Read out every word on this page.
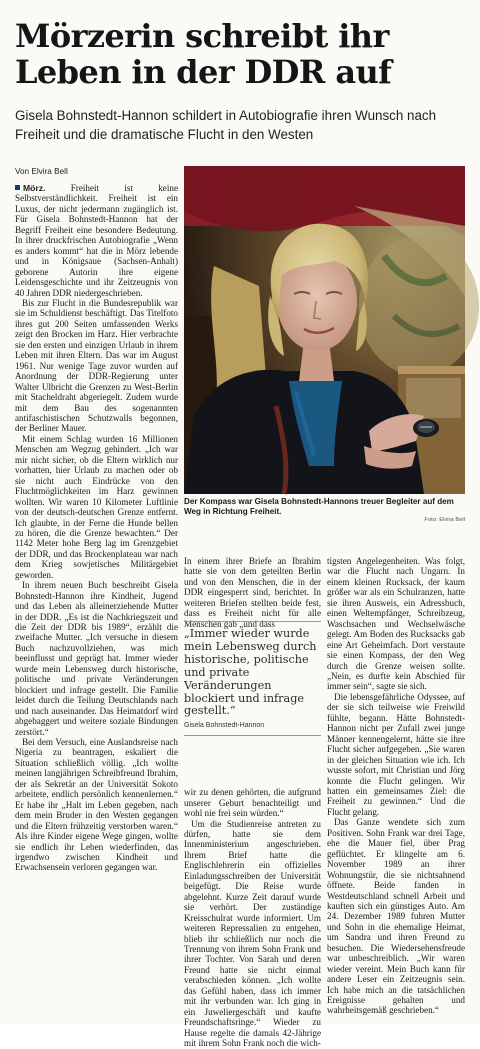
Mörzerin schreibt ihr Leben in der DDR auf

Gisela Bohnstedt-Hannon schildert in Autobiografie ihren Wunsch nach Freiheit und die dramatische Flucht in den Westen

Von Elvira Bell

Mörz.	Freiheit ist keine Selbstverständlichkeit. Freiheit ist ein Luxus, der nicht jedermann zugänglich ist. Für Gisela Bohnstedt-Hannon hat der Begriff Freiheit eine besondere Bedeutung. In ihrer druckfrischen Autobiografie „Wenn es anders kommt“ hat die in Mörz lebende und in Königsaue (Sachsen-Anhalt) geborene Autorin ihre eigene Leidensgeschichte und ihr Zeitzeugnis von 40 Jahren DDR niedergeschrieben.

Bis zur Flucht in die Bundesrepublik war sie im Schuldienst beschäftigt. Das Titelfoto ihres gut 200 Seiten umfassenden Werks zeigt den Brocken im Harz. Hier verbrachte sie den ersten und einzigen Urlaub in ihrem Leben mit ihren Eltern. Das war im August 1961. Nur wenige Tage zuvor wurden auf Anordnung der DDR-Regierung unter Walter Ulbricht die Grenzen zu West-Berlin mit Stacheldraht abgeriegelt. Zudem wurde mit dem Bau des sogenannten antifaschistischen Schutzwalls begonnen, der Berliner Mauer.

Mit einem Schlag wurden 16 Millionen Menschen am Wegzug gehindert. „Ich war mir nicht sicher, ob die Eltern wirklich nur vorhatten, hier Urlaub zu machen oder ob sie nicht auch Eindrücke von den Fluchtmöglichkeiten im Harz gewinnen wollten. Wir waren 10 Kilometer Luftlinie von der deutsch-deutschen Grenze entfernt. Ich glaubte, in der Ferne die Hunde bellen zu hören, die die Grenze bewachten.“ Der 1142 Meter hohe Berg lag im Grenzgebiet der DDR, und das Brockenplateau war nach dem Krieg sowjetisches Militärgebiet geworden.

In ihrem neuen Buch beschreibt Gisela Bohnstedt-Hannon ihre Kindheit, Jugend und das Leben als alleinerziehende Mutter in der DDR. „Es ist die Nachkriegszeit und die Zeit der DDR bis 1989“, erzählt die zweifache Mutter. „Ich versuche in diesem Buch nachzuvollziehen, was mich beeinflusst und geprägt hat. Immer wieder wurde mein Lebensweg durch historische, politische und private Veränderungen blockiert und infrage gestellt. Die Familie leidet durch die Teilung Deutschlands nach und nach auseinander. Das Heimatdorf wird abgebaggert und weitere soziale Bindungen zerstört.“

Bei dem Versuch, eine Auslandsreise nach Nigeria zu beantragen, eskaliert die Situation schließlich völlig. „Ich wollte meinen langjährigen Schreibfreund Ibrahim, der als Sekretär an der Universität Sokoto arbeitete, endlich persönlich kennenlernen.“ Er habe ihr „Halt im Leben gegeben, nach dem mein Bruder in den Westen gegangen und die Eltern frühzeitig verstorben waren.“ Als ihre Kinder eigene Wege gingen, wollte sie endlich ihr Leben wiederfinden, das irgendwo zwischen Kindheit und Erwachsensein verloren gegangen war.

Der Kompass war Gisela Bohnstedt-Hannons treuer Begleiter auf dem Weg in Richtung Freiheit.
Foto: Elvira Bell

In einem ihrer Briefe an Ibrahim hatte sie von dem geteilten Berlin und von den Menschen, die in der DDR eingesperrt sind, berichtet. In weiteren Briefen stellten beide fest, dass es Freiheit nicht für alle Menschen gab „und dass

wir zu denen gehörten, die aufgrund unserer Geburt benachteiligt und wohl nie frei sein würden.“

Um die Studienreise antreten zu dürfen, hatte sie dem Innenministerium angeschrieben. Ihrem Brief hatte die Englischlehrerin ein offizielles Einladungsschreiben der Universität beigefügt. Die Reise wurde abgelehnt. Kurze Zeit darauf wurde sie verhört. Der zuständige Kreisschulrat wurde informiert. Um weiteren Repressalien zu entgehen, blieb ihr schließlich nur noch die Trennung von ihrem Sohn Frank und ihrer Tochter. Von Sarah und deren Freund hatte sie nicht einmal verabschieden können. „Ich wollte das Gefühl haben, dass ich immer mit ihr verbunden war. Ich ging in ein Juweliergeschäft und kaufte Freundschaftsringe.“ Wieder zu Hause regelte die damals 42-Jährige mit ihrem Sohn Frank noch die wich-

„Immer wieder wurde mein Lebensweg durch historische, politische und private Veränderungen blockiert und infrage gestellt.“

Gisela Bohnstedt-Hannon

tigsten Angelegenheiten. Was folgt, war die Flucht nach Ungarn. In einem kleinen Rucksack, der kaum größer war als ein Schulranzen, hatte sie ihren Ausweis, ein Adressbuch, einen Weltempfänger, Schreibzeug, Waschsachen und Wechselwäsche gelegt. Am Boden des Rucksacks gab eine Art Geheimfach. Dort verstaute sie einen Kompass, der den Weg durch die Grenze weisen sollte. „Nein, es durfte kein Abschied für immer sein“, sagte sie sich.

Die lebensgefährliche Odyssee, auf der sie sich teilweise wie Freiwild fühlte, begann. Hätte Bohnstedt-Hannon nicht per Zufall zwei junge Männer kennengelernt, hätte sie ihre Flucht sicher aufgegeben. „Sie waren in der gleichen Situation wie ich. Ich wusste sofort, mit Christian und Jörg konnte die Flucht gelingen. Wir hatten ein gemeinsames Ziel: die Freiheit zu gewinnen.“ Und die Flucht gelang.

Das Ganze wendete sich zum Positiven. Sohn Frank war drei Tage, ehe die Mauer fiel, über Prag geflüchtet. Er klingelte am 6. November 1989 an ihrer Wohnungstür, die sie nichtsahnend öffnete. Beide fanden in Westdeutschland schnell Arbeit und kauften sich ein günstiges Auto. Am 24. Dezember 1989 fuhren Mutter und Sohn in die ehemalige Heimat, um Sandra und ihren Freund zu besuchen. Die Wiedersehensfreude war unbeschreiblich. „Wir waren wieder vereint. Mein Buch kann für andere Leser ein Zeitzeugnis sein. Ich habe mich an die tatsächlichen Ereignisse gehalten und wahrheitsgemäß geschrieben.“
